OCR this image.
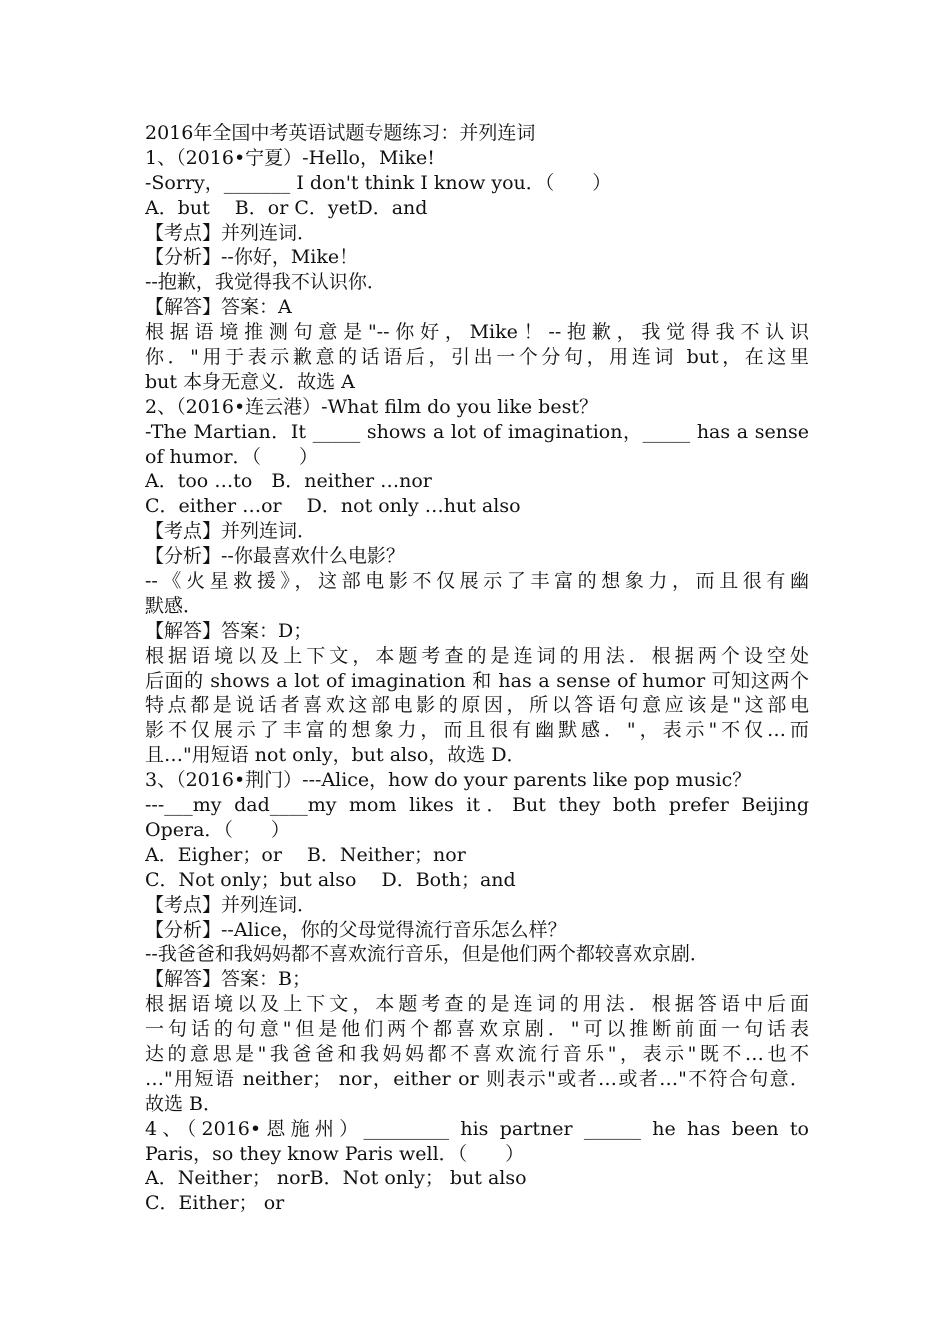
2016年全国中考英语试题专题练习：并列连词
1、（2016•宁夏）-Hello，Mike!
-Sorry，_______ I don't think I know you．（　　）
A．but　 B．or C．yetD．and
【考点】并列连词．
【分析】--你好，Mike！
--抱歉，我觉得我不认识你．
【解答】答案：A
根据语境推测句意是"--你好，Mike！--抱歉，我觉得我不认识
你．"用于表示歉意的话语后，引出一个分句，用连词 but，在这里
but 本身无意义．故选 A
2、（2016•连云港）-What film do you like best？
-The Martian．It _____ shows a lot of imagination，_____ has a sense
of humor．（　　）
A．too …to　B．neither …nor
C．either …or　 D．not only …hut also
【考点】并列连词．
【分析】--你最喜欢什么电影？
--《火星救援》，这部电影不仅展示了丰富的想象力，而且很有幽
默感．
【解答】答案：D；
根据语境以及上下文，本题考查的是连词的用法．根据两个设空处
后面的 shows a lot of imagination 和 has a sense of humor 可知这两个
特点都是说话者喜欢这部电影的原因，所以答语句意应该是"这部电
影不仅展示了丰富的想象力，而且很有幽默感．"，表示"不仅…而
且…"用短语 not only，but also，故选 D．
3、（2016•荆门）---Alice，how do your parents like pop music？
---___my dad____my mom likes it．But they both prefer Beijing
Opera．（　　）
A．Eigher；or　 B．Neither；nor
C．Not only；but also　 D．Both；and
【考点】并列连词．
【分析】--Alice，你的父母觉得流行音乐怎么样？
--我爸爸和我妈妈都不喜欢流行音乐，但是他们两个都较喜欢京剧．
【解答】答案：B；
根据语境以及上下文，本题考查的是连词的用法．根据答语中后面
一句话的句意"但是他们两个都喜欢京剧．"可以推断前面一句话表
达的意思是"我爸爸和我妈妈都不喜欢流行音乐"，表示"既不…也不
…"用短语 neither； nor，either or 则表示"或者…或者…"不符合句意．
故选 B．
4、（2016•恩施州）_________ his partner ______ he has been to
Paris，so they know Paris well．（　　）
A．Neither； norB．Not only； but also
C．Either； or
